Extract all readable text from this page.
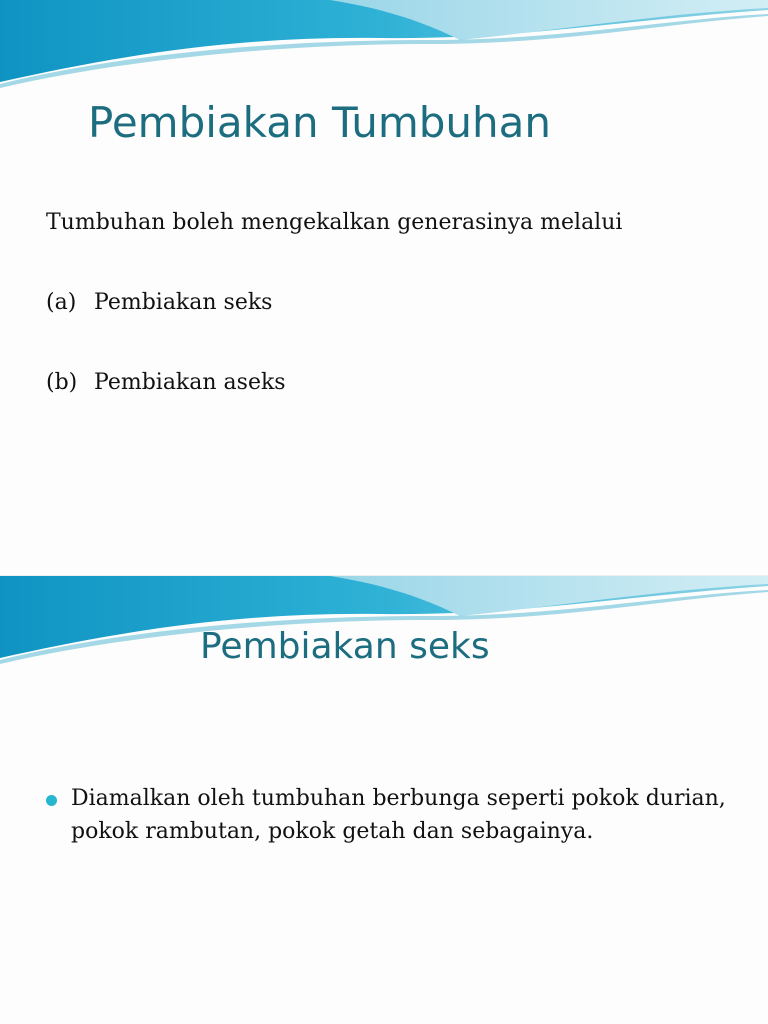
Pembiakan Tumbuhan

Tumbuhan boleh mengekalkan generasinya melalui

(a) Pembiakan seks

(b) Pembiakan aseks

Pembiakan seks
Diamalkan oleh tumbuhan berbunga seperti pokok durian, pokok rambutan, pokok getah dan sebagainya.
